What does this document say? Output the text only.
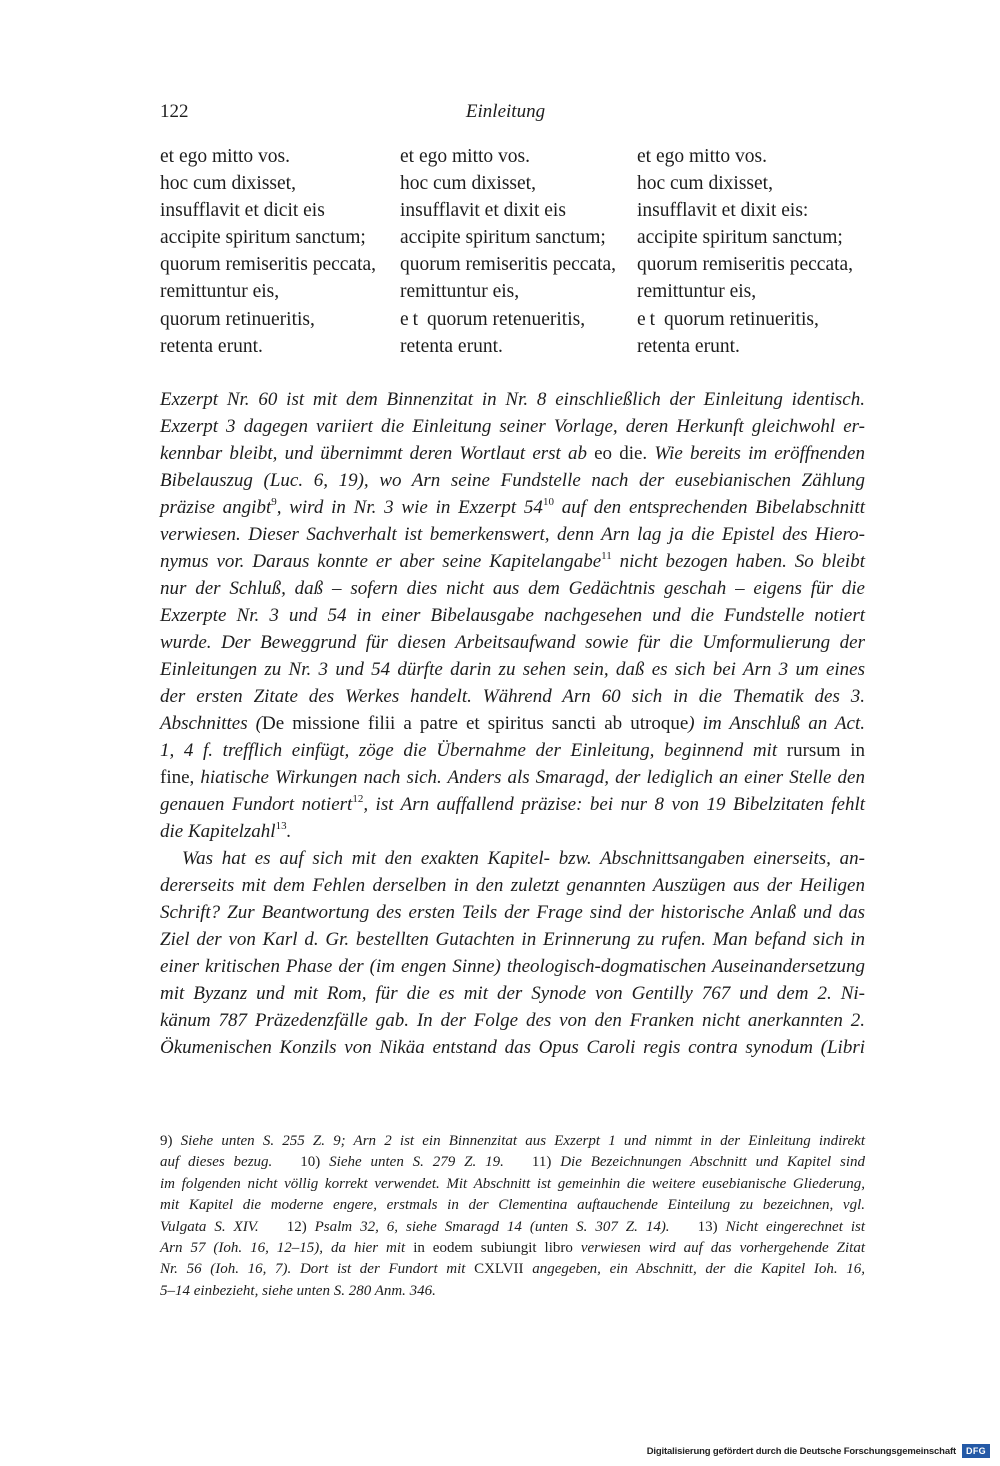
122	Einleitung
et ego mitto vos.
hoc cum dixisset,
insufflavit et dicit eis
accipite spiritum sanctum;
quorum remiseritis peccata,
remittuntur eis,
quorum retinueritis,
retenta erunt.
et ego mitto vos.
hoc cum dixisset,
insufflavit et dixit eis
accipite spiritum sanctum;
quorum remiseritis peccata,
remittuntur eis,
et quorum retenueritis,
retenta erunt.
et ego mitto vos.
hoc cum dixisset,
insufflavit et dixit eis:
accipite spiritum sanctum;
quorum remiseritis peccata,
remittuntur eis,
et quorum retinueritis,
retenta erunt.
Exzerpt Nr. 60 ist mit dem Binnenzitat in Nr. 8 einschließlich der Einleitung identisch.
Exzerpt 3 dagegen variiert die Einleitung seiner Vorlage, deren Herkunft gleichwohl er-
kennbar bleibt, und übernimmt deren Wortlaut erst ab eo die. Wie bereits im eröffnenden
Bibelauszug (Luc. 6, 19), wo Arn seine Fundstelle nach der eusebianischen Zählung
präzise angibt$^9$, wird in Nr. 3 wie in Exzerpt $54^{10}$ auf den entsprechenden Bibelabschnitt
verwiesen. Dieser Sachverhalt ist bemerkenswert, denn Arn lag ja die Epistel des Hiero-
nymus vor. Daraus konnte er aber seine Kapitelangabe$^{11}$ nicht bezogen haben. So bleibt
nur der Schluß, daß – sofern dies nicht aus dem Gedächtnis geschah – eigens für die
Exzerpte Nr. 3 und 54 in einer Bibelausgabe nachgesehen und die Fundstelle notiert
wurde. Der Beweggrund für diesen Arbeitsaufwand sowie für die Umformulierung der
Einleitungen zu Nr. 3 und 54 dürfte darin zu sehen sein, daß es sich bei Arn 3 um eines
der ersten Zitate des Werkes handelt. Während Arn 60 sich in die Thematik des 3.
Abschnittes (De missione filii a patre et spiritus sancti ab utroque) im Anschluß an Act.
1, 4 f. trefflich einfügt, zöge die Übernahme der Einleitung, beginnend mit rursum in
fine, hiatische Wirkungen nach sich. Anders als Smaragd, der lediglich an einer Stelle den
genauen Fundort notiert$^{12}$, ist Arn auffallend präzise: bei nur 8 von 19 Bibelzitaten fehlt
die Kapitelzahl$^{13}$.
Was hat es auf sich mit den exakten Kapitel- bzw. Abschnittsangaben einerseits, an-
dererseits mit dem Fehlen derselben in den zuletzt genannten Auszügen aus der Heiligen
Schrift? Zur Beantwortung des ersten Teils der Frage sind der historische Anlaß und das
Ziel der von Karl d. Gr. bestellten Gutachten in Erinnerung zu rufen. Man befand sich in
einer kritischen Phase der (im engen Sinne) theologisch-dogmatischen Auseinandersetzung
mit Byzanz und mit Rom, für die es mit der Synode von Gentilly 767 und dem 2. Ni-
känum 787 Präzedenzfälle gab. In der Folge des von den Franken nicht anerkannten 2.
Ökumenischen Konzils von Nikäa entstand das Opus Caroli regis contra synodum (Libri
9) Siehe unten S. 255 Z. 9; Arn 2 ist ein Binnenzitat aus Exzerpt 1 und nimmt in der Einleitung indirekt
auf dieses bezug. 10) Siehe unten S. 279 Z. 19. 11) Die Bezeichnungen Abschnitt und Kapitel sind
im folgenden nicht völlig korrekt verwendet. Mit Abschnitt ist gemeinhin die weitere eusebianische Gliederung,
mit Kapitel die moderne engere, erstmals in der Clementina auftauchende Einteilung zu bezeichnen, vgl.
Vulgata S. XIV. 12) Psalm 32, 6, siehe Smaragd 14 (unten S. 307 Z. 14). 13) Nicht eingerechnet ist
Arn 57 (Ioh. 16, 12–15), da hier mit in eodem subiungit libro verwiesen wird auf das vorhergehende Zitat
Nr. 56 (Ioh. 16, 7). Dort ist der Fundort mit CXLVII angegeben, ein Abschnitt, der die Kapitel Ioh. 16,
5–14 einbezieht, siehe unten S. 280 Anm. 346.
Digitalisierung gefördert durch die Deutsche Forschungsgemeinschaft	DFG
